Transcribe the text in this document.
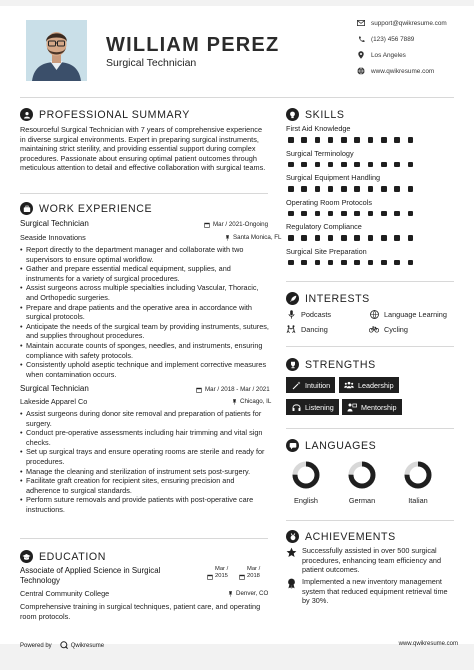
WILLIAM PEREZ
Surgical Technician
support@qwikresume.com
(123) 456 7889
Los Angeles
www.qwikresume.com
PROFESSIONAL SUMMARY
Resourceful Surgical Technician with 7 years of comprehensive experience in diverse surgical environments. Expert in preparing surgical instruments, maintaining strict sterility, and providing essential support during complex procedures. Passionate about ensuring optimal patient outcomes through meticulous attention to detail and effective collaboration with surgical teams.
WORK EXPERIENCE
Surgical Technician	Mar / 2021-Ongoing
Seaside Innovations	Santa Monica, FL
• Report directly to the department manager and collaborate with two supervisors to ensure optimal workflow.
• Gather and prepare essential medical equipment, supplies, and instruments for a variety of surgical procedures.
• Assist surgeons across multiple specialties including Vascular, Thoracic, and Orthopedic surgeries.
• Prepare and drape patients and the operative area in accordance with surgical protocols.
• Anticipate the needs of the surgical team by providing instruments, sutures, and supplies throughout procedures.
• Maintain accurate counts of sponges, needles, and instruments, ensuring compliance with safety protocols.
• Consistently uphold aseptic technique and implement corrective measures when contamination occurs.
Surgical Technician	Mar / 2018 - Mar / 2021
Lakeside Apparel Co	Chicago, IL
• Assist surgeons during donor site removal and preparation of patients for surgery.
• Conduct pre-operative assessments including hair trimming and vital sign checks.
• Set up surgical trays and ensure operating rooms are sterile and ready for procedures.
• Manage the cleaning and sterilization of instrument sets post-surgery.
• Facilitate graft creation for recipient sites, ensuring precision and adherence to surgical standards.
• Perform suture removals and provide patients with post-operative care instructions.
EDUCATION
Associate of Applied Science in Surgical Technology
Mar /
2015
Mar /
2018
Central Community College	Denver, CO
Comprehensive training in surgical techniques, patient care, and operating room protocols.
SKILLS
First Aid Knowledge
Surgical Terminology
Surgical Equipment Handling
Operating Room Protocols
Regulatory Compliance
Surgical Site Preparation
INTERESTS
Podcasts	Language Learning
Dancing	Cycling
STRENGTHS
Intuition	Leadership
Listening	Mentorship
LANGUAGES
English	German	Italian
ACHIEVEMENTS
Successfully assisted in over 500 surgical procedures, enhancing team efficiency and patient outcomes.
Implemented a new inventory management system that reduced equipment retrieval time by 30%.
Powered by	Qwikresume	www.qwikresume.com
